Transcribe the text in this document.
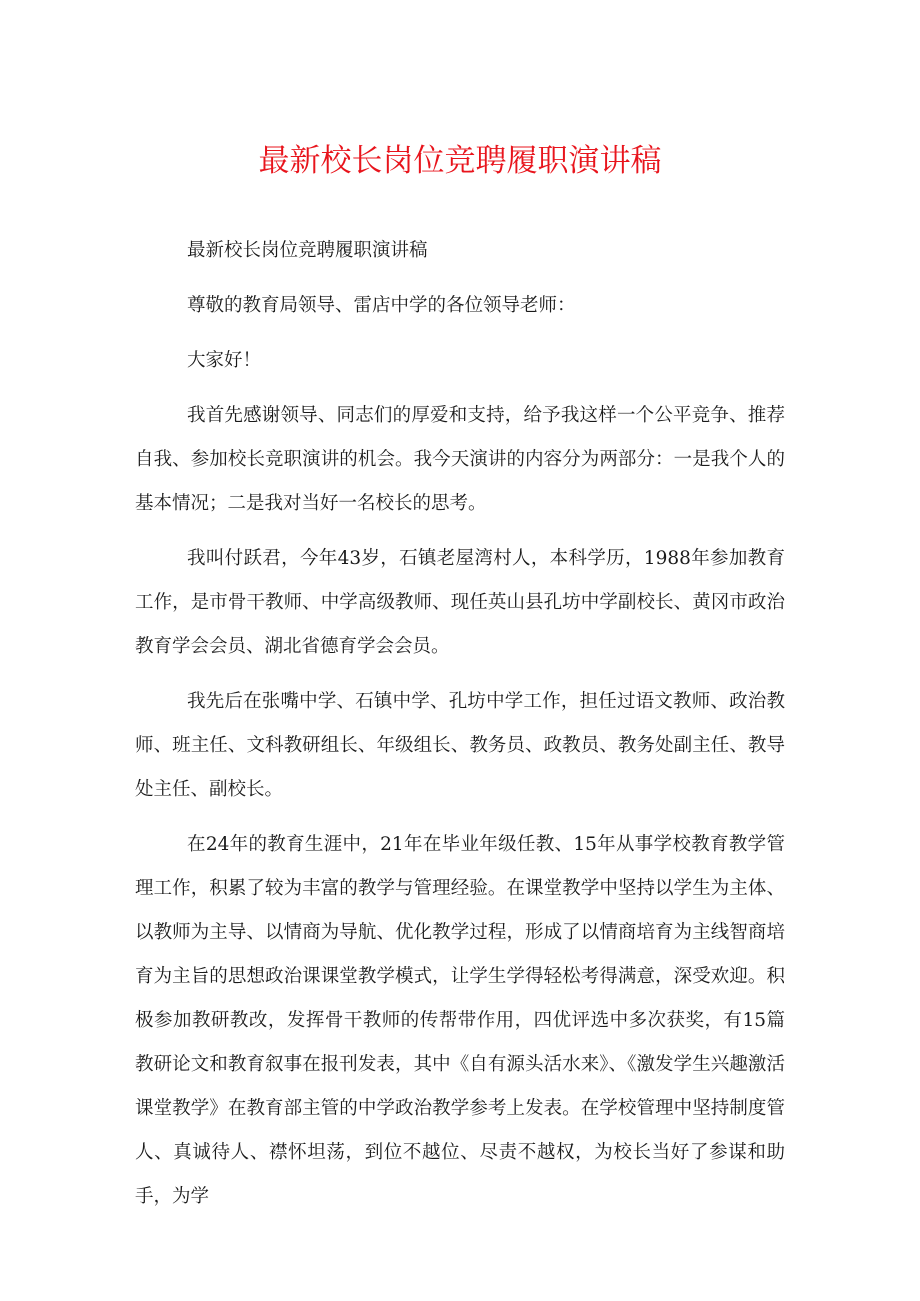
最新校长岗位竞聘履职演讲稿

最新校长岗位竞聘履职演讲稿

尊敬的教育局领导、雷店中学的各位领导老师：

大家好！

我首先感谢领导、同志们的厚爱和支持，给予我这样一个公平竞争、推荐自我、参加校长竞职演讲的机会。我今天演讲的内容分为两部分：一是我个人的基本情况；二是我对当好一名校长的思考。

我叫付跃君，今年43岁，石镇老屋湾村人，本科学历，1988年参加教育工作，是市骨干教师、中学高级教师、现任英山县孔坊中学副校长、黄冈市政治教育学会会员、湖北省德育学会会员。

我先后在张嘴中学、石镇中学、孔坊中学工作，担任过语文教师、政治教师、班主任、文科教研组长、年级组长、教务员、政教员、教务处副主任、教导处主任、副校长。

在24年的教育生涯中，21年在毕业年级任教、15年从事学校教育教学管理工作，积累了较为丰富的教学与管理经验。在课堂教学中坚持以学生为主体、以教师为主导、以情商为导航、优化教学过程，形成了以情商培育为主线智商培育为主旨的思想政治课课堂教学模式，让学生学得轻松考得满意，深受欢迎。积极参加教研教改，发挥骨干教师的传帮带作用，四优评选中多次获奖，有15篇教研论文和教育叙事在报刊发表，其中《自有源头活水来》、《激发学生兴趣激活课堂教学》在教育部主管的中学政治教学参考上发表。在学校管理中坚持制度管人、真诚待人、襟怀坦荡，到位不越位、尽责不越权，为校长当好了参谋和助手，为学
